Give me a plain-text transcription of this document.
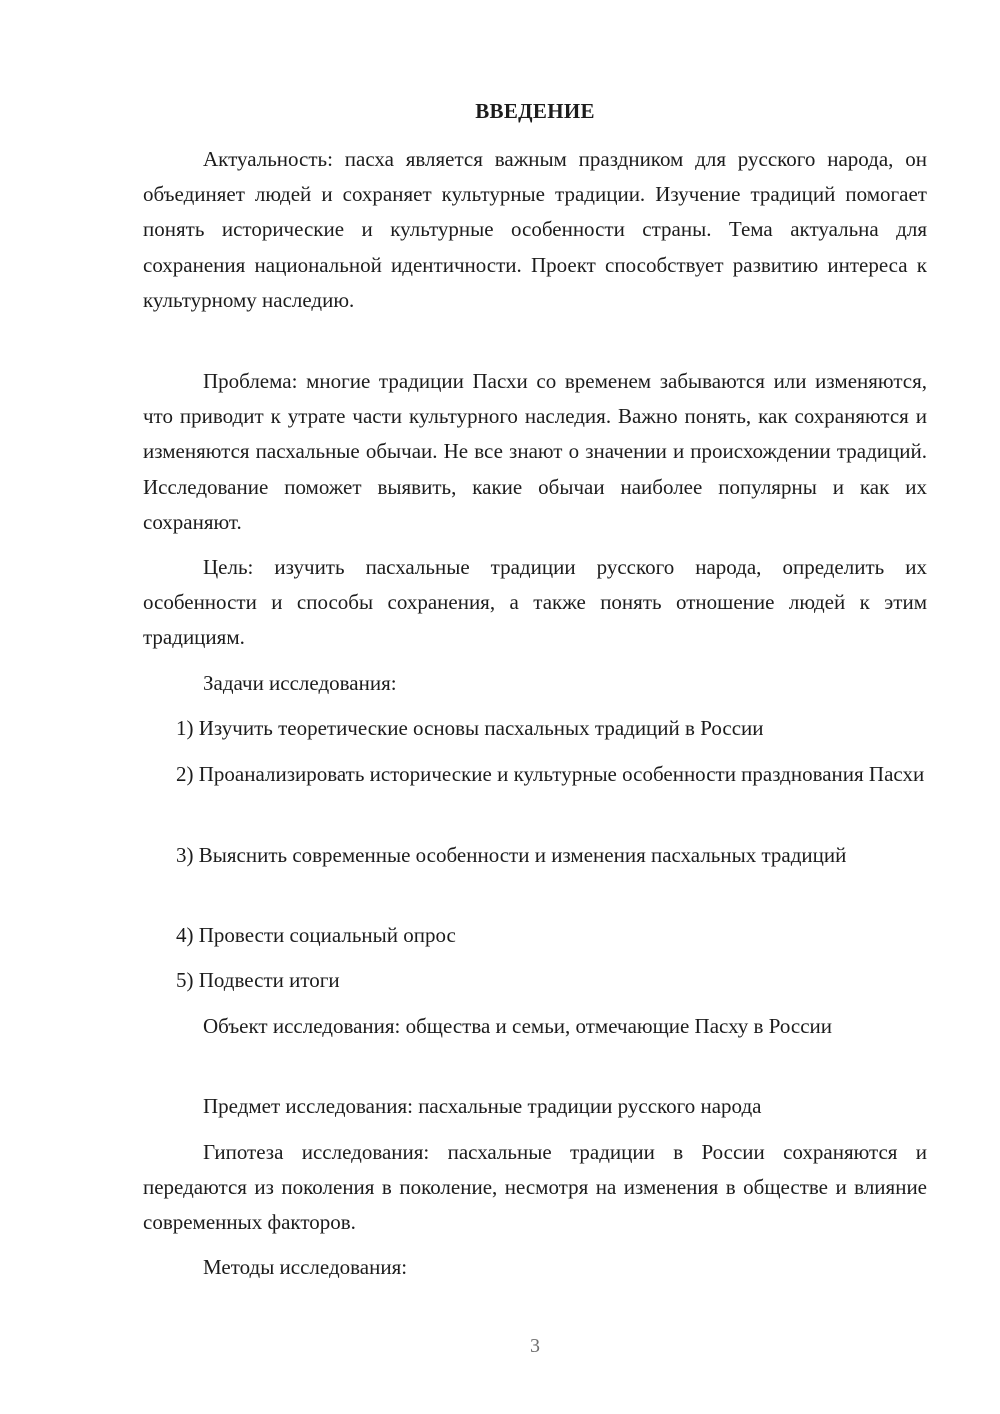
ВВЕДЕНИЕ

Актуальность: пасха является важным праздником для русского народа, он объединяет людей и сохраняет культурные традиции. Изучение традиций помогает понять исторические и культурные особенности страны. Тема актуальна для сохранения национальной идентичности. Проект способствует развитию интереса к культурному наследию.

Проблема: многие традиции Пасхи со временем забываются или изменяются, что приводит к утрате части культурного наследия. Важно понять, как сохраняются и изменяются пасхальные обычаи. Не все знают о значении и происхождении традиций. Исследование поможет выявить, какие обычаи наиболее популярны и как их сохраняют.

Цель: изучить пасхальные традиции русского народа, определить их особенности и способы сохранения, а также понять отношение людей к этим традициям.

Задачи исследования:

1) Изучить теоретические основы пасхальных традиций в России

2) Проанализировать исторические и культурные особенности празднования Пасхи

3) Выяснить современные особенности и изменения пасхальных традиций

4) Провести социальный опрос

5) Подвести итоги

Объект исследования: общества и семьи, отмечающие Пасху в России

Предмет исследования: пасхальные традиции русского народа

Гипотеза исследования: пасхальные традиции в России сохраняются и передаются из поколения в поколение, несмотря на изменения в обществе и влияние современных факторов.

Методы исследования:

3
